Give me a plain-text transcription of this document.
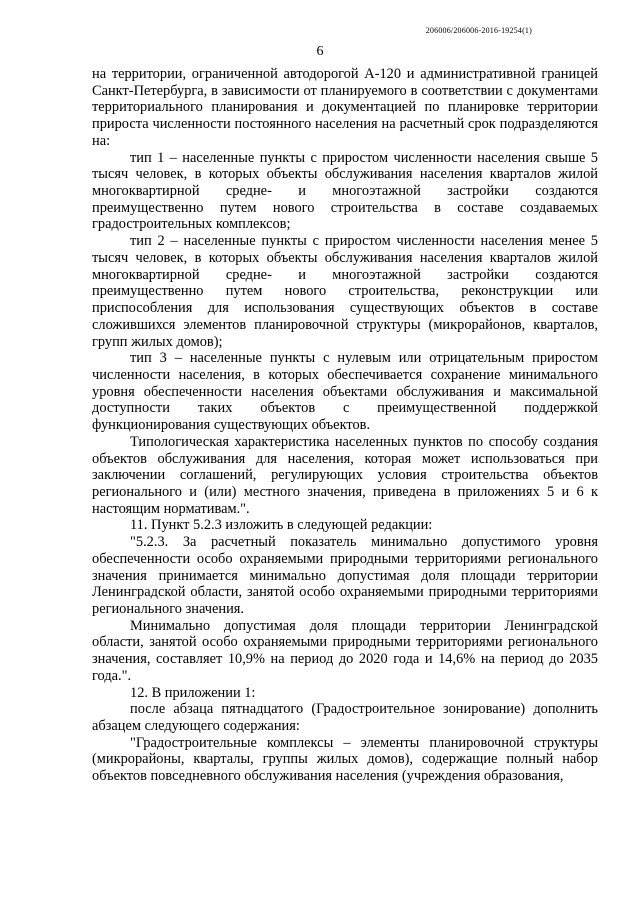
206006/206006-2016-19254(1)
6

на территории, ограниченной автодорогой А-120 и административной границей Санкт-Петербурга, в зависимости от планируемого в соответствии с документами территориального планирования и документацией по планировке территории прироста численности постоянного населения на расчетный срок подразделяются на:

тип 1 – населенные пункты с приростом численности населения свыше 5 тысяч человек, в которых объекты обслуживания населения кварталов жилой многоквартирной средне- и многоэтажной застройки создаются преимущественно путем нового строительства в составе создаваемых градостроительных комплексов;

тип 2 – населенные пункты с приростом численности населения менее 5 тысяч человек, в которых объекты обслуживания населения кварталов жилой многоквартирной средне- и многоэтажной застройки создаются преимущественно путем нового строительства, реконструкции или приспособления для использования существующих объектов в составе сложившихся элементов планировочной структуры (микрорайонов, кварталов, групп жилых домов);

тип 3 – населенные пункты с нулевым или отрицательным приростом численности населения, в которых обеспечивается сохранение минимального уровня обеспеченности населения объектами обслуживания и максимальной доступности таких объектов с преимущественной поддержкой функционирования существующих объектов.

Типологическая характеристика населенных пунктов по способу создания объектов обслуживания для населения, которая может использоваться при заключении соглашений, регулирующих условия строительства объектов регионального и (или) местного значения, приведена в приложениях 5 и 6 к настоящим нормативам.".

11. Пункт 5.2.3 изложить в следующей редакции:

"5.2.3. За расчетный показатель минимально допустимого уровня обеспеченности особо охраняемыми природными территориями регионального значения принимается минимально допустимая доля площади территории Ленинградской области, занятой особо охраняемыми природными территориями регионального значения.

Минимально допустимая доля площади территории Ленинградской области, занятой особо охраняемыми природными территориями регионального значения, составляет 10,9% на период до 2020 года и 14,6% на период до 2035 года.".

12. В приложении 1:

после абзаца пятнадцатого (Градостроительное зонирование) дополнить абзацем следующего содержания:

"Градостроительные комплексы – элементы планировочной структуры (микрорайоны, кварталы, группы жилых домов), содержащие полный набор объектов повседневного обслуживания населения (учреждения образования,
